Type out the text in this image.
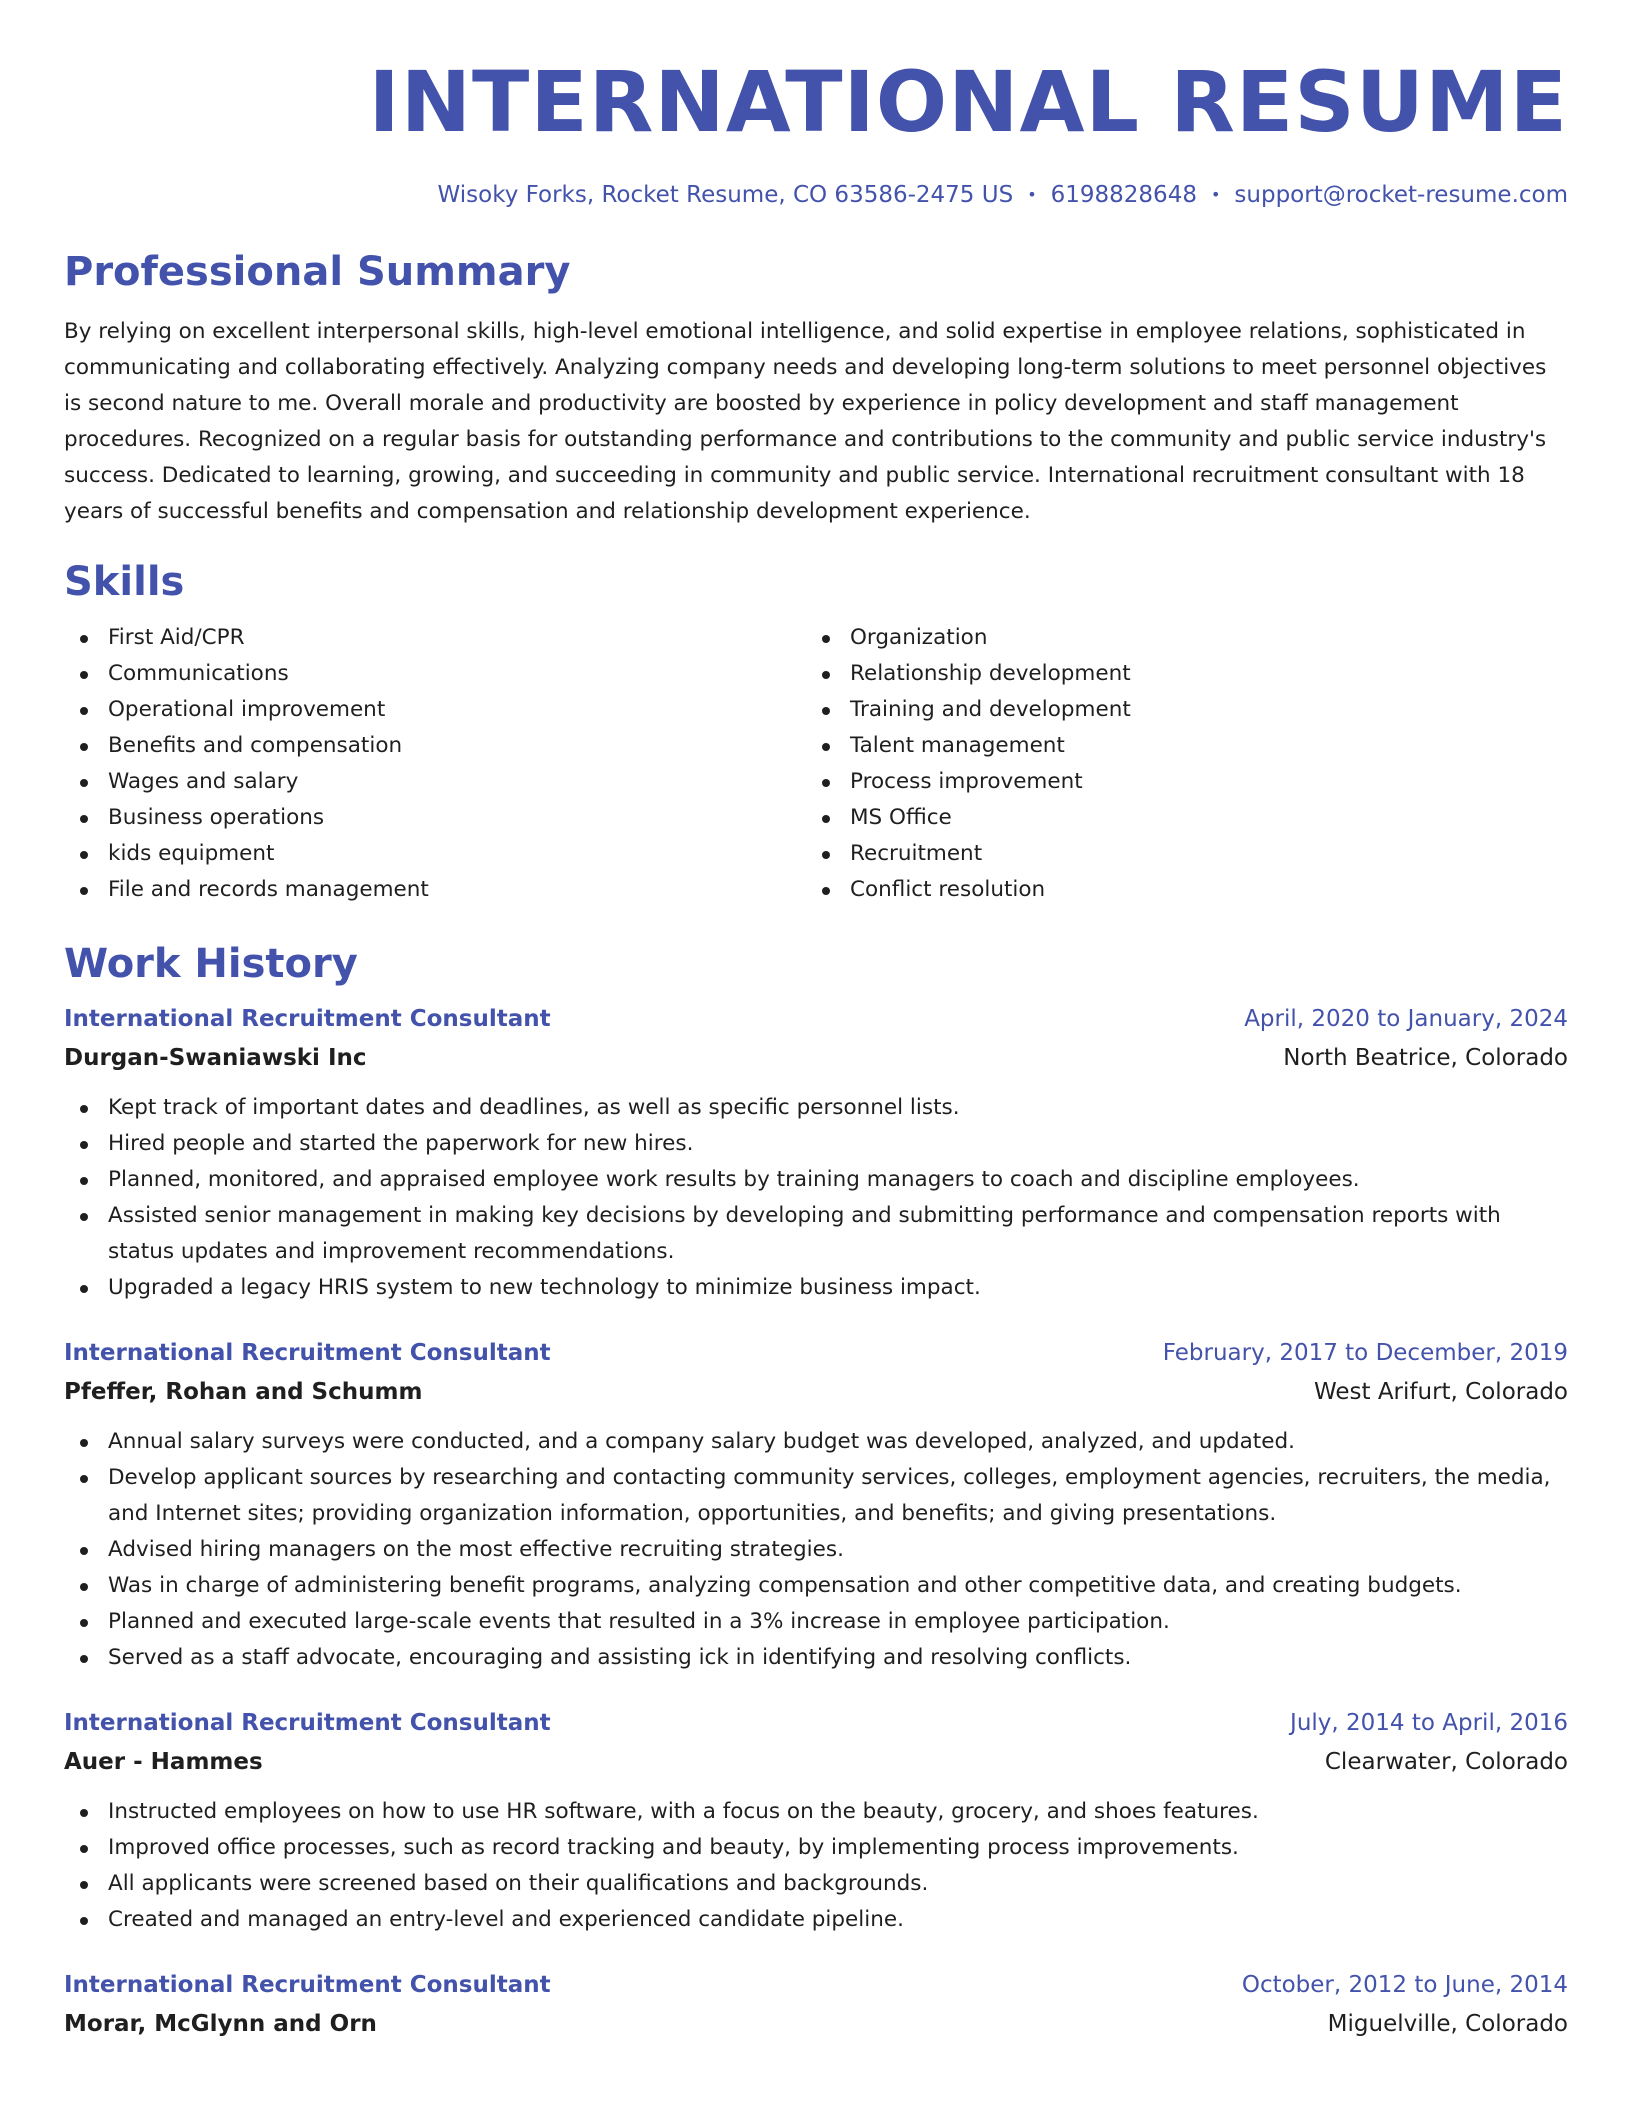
INTERNATIONAL RESUME
Wisoky Forks, Rocket Resume, CO 63586-2475 US • 6198828648 • support@rocket-resume.com
Professional Summary

By relying on excellent interpersonal skills, high-level emotional intelligence, and solid expertise in employee relations, sophisticated in communicating and collaborating effectively. Analyzing company needs and developing long-term solutions to meet personnel objectives is second nature to me. Overall morale and productivity are boosted by experience in policy development and staff management procedures. Recognized on a regular basis for outstanding performance and contributions to the community and public service industry's success. Dedicated to learning, growing, and succeeding in community and public service. International recruitment consultant with 18 years of successful benefits and compensation and relationship development experience.

Skills
First Aid/CPR
Communications
Operational improvement
Benefits and compensation
Wages and salary
Business operations
kids equipment
File and records management
Organization
Relationship development
Training and development
Talent management
Process improvement
MS Office
Recruitment
Conflict resolution
Work History
International Recruitment Consultant	April, 2020 to January, 2024
Durgan-Swaniawski Inc	North Beatrice, Colorado
Kept track of important dates and deadlines, as well as specific personnel lists.
Hired people and started the paperwork for new hires.
Planned, monitored, and appraised employee work results by training managers to coach and discipline employees.
Assisted senior management in making key decisions by developing and submitting performance and compensation reports with status updates and improvement recommendations.
Upgraded a legacy HRIS system to new technology to minimize business impact.
International Recruitment Consultant	February, 2017 to December, 2019
Pfeffer, Rohan and Schumm	West Arifurt, Colorado
Annual salary surveys were conducted, and a company salary budget was developed, analyzed, and updated.
Develop applicant sources by researching and contacting community services, colleges, employment agencies, recruiters, the media, and Internet sites; providing organization information, opportunities, and benefits; and giving presentations.
Advised hiring managers on the most effective recruiting strategies.
Was in charge of administering benefit programs, analyzing compensation and other competitive data, and creating budgets.
Planned and executed large-scale events that resulted in a 3% increase in employee participation.
Served as a staff advocate, encouraging and assisting ick in identifying and resolving conflicts.
International Recruitment Consultant	July, 2014 to April, 2016
Auer - Hammes	Clearwater, Colorado
Instructed employees on how to use HR software, with a focus on the beauty, grocery, and shoes features.
Improved office processes, such as record tracking and beauty, by implementing process improvements.
All applicants were screened based on their qualifications and backgrounds.
Created and managed an entry-level and experienced candidate pipeline.
International Recruitment Consultant	October, 2012 to June, 2014
Morar, McGlynn and Orn	Miguelville, Colorado
